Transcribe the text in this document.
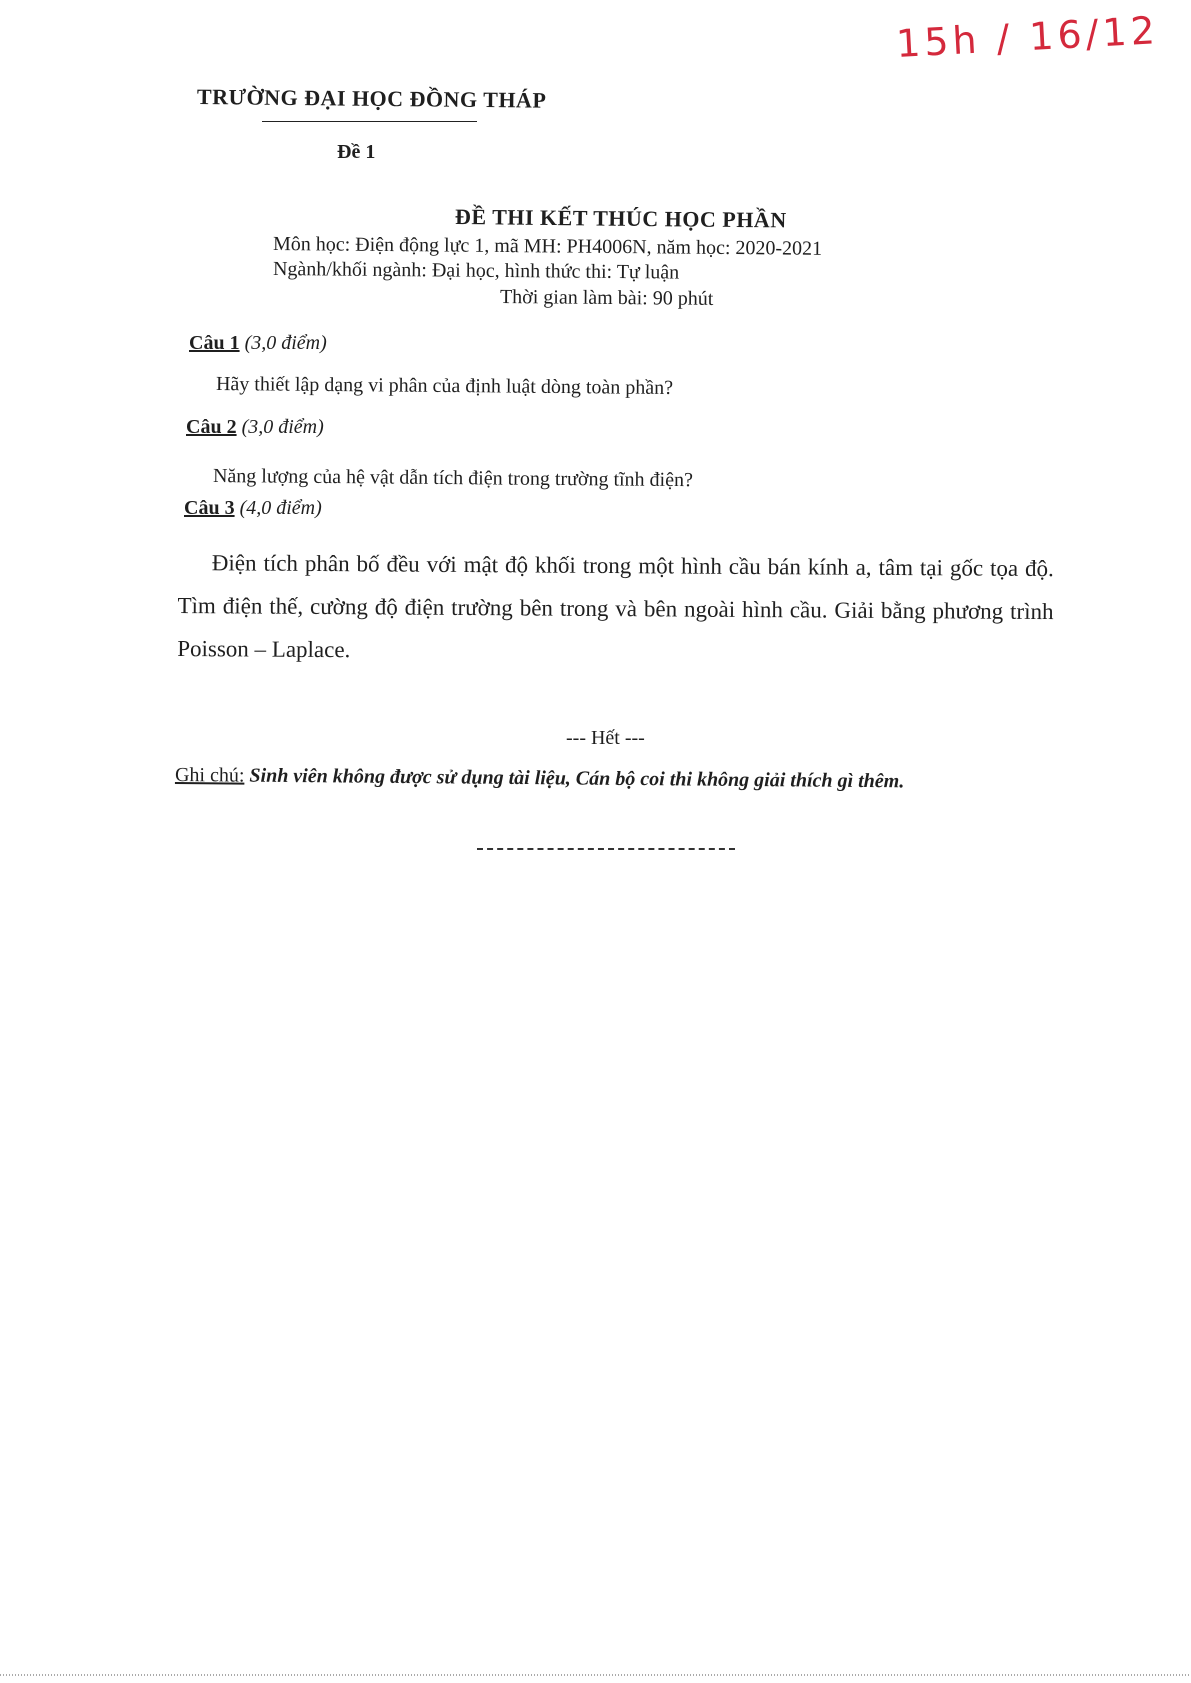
15h / 16/12
TRƯỜNG ĐẠI HỌC ĐỒNG THÁP
Đề 1
ĐỀ THI KẾT THÚC HỌC PHẦN
Môn học: Điện động lực 1, mã MH: PH4006N, năm học: 2020-2021
Ngành/khối ngành: Đại học, hình thức thi: Tự luận
Thời gian làm bài: 90 phút
Câu 1 (3,0 điểm)
Hãy thiết lập dạng vi phân của định luật dòng toàn phần?
Câu 2 (3,0 điểm)
Năng lượng của hệ vật dẫn tích điện trong trường tĩnh điện?
Câu 3 (4,0 điểm)
Điện tích phân bố đều với mật độ khối trong một hình cầu bán kính a, tâm tại gốc tọa độ. Tìm điện thế, cường độ điện trường bên trong và bên ngoài hình cầu. Giải bằng phương trình Poisson – Laplace.
--- Hết ---
Ghi chú: Sinh viên không được sử dụng tài liệu, Cán bộ coi thi không giải thích gì thêm.
